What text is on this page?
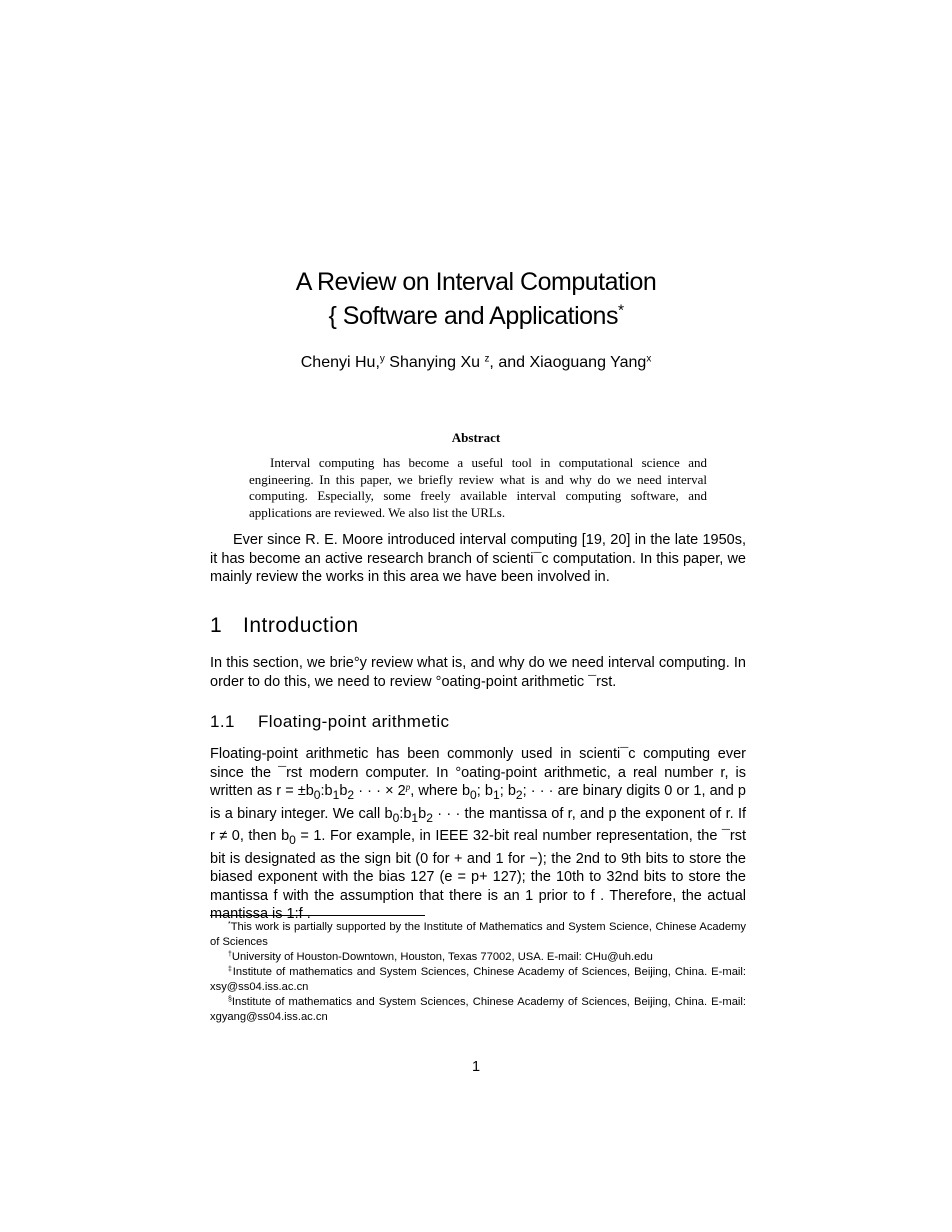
A Review on Interval Computation
{ Software and Applications*
Chenyi Hu,$^y$ Shanying Xu $^z$, and Xiaoguang Yang$^x$
Abstract
Interval computing has become a useful tool in computational science and engineering. In this paper, we briefly review what is and why do we need interval computing. Especially, some freely available interval computing software, and applications are reviewed. We also list the URLs.
Ever since R. E. Moore introduced interval computing [19, 20] in the late 1950s, it has become an active research branch of scienti¯c computation. In this paper, we mainly review the works in this area we have been involved in.
1 Introduction
In this section, we brie°y review what is, and why do we need interval computing. In order to do this, we need to review °oating-point arithmetic ¯rst.
1.1 Floating-point arithmetic
Floating-point arithmetic has been commonly used in scienti¯c computing ever since the ¯rst modern computer. In °oating-point arithmetic, a real number r, is written as $r = \pm b_0:b_1b_2$ · · · × $2^p$, where $b_0$; $b_1$; $b_2$; · · · are binary digits 0 or 1, and p is a binary integer. We call $b_0:b_1b_2$ · · · the mantissa of r, and p the exponent of r. If r ≠ 0, then $b_0 = 1$. For example, in IEEE 32-bit real number representation, the ¯rst bit is designated as the sign bit (0 for + and 1 for −); the 2nd to 9th bits to store the biased exponent with the bias 127 (e = p+ 127); the 10th to 32nd bits to store the mantissa f with the assumption that there is an 1 prior to f . Therefore, the actual mantissa is 1:f .
*This work is partially supported by the Institute of Mathematics and System Science, Chinese Academy of Sciences
†University of Houston-Downtown, Houston, Texas 77002, USA. E-mail: CHu@uh.edu
‡Institute of mathematics and System Sciences, Chinese Academy of Sciences, Beijing, China. E-mail: xsy@ss04.iss.ac.cn
§Institute of mathematics and System Sciences, Chinese Academy of Sciences, Beijing, China. E-mail: xgyang@ss04.iss.ac.cn
1
